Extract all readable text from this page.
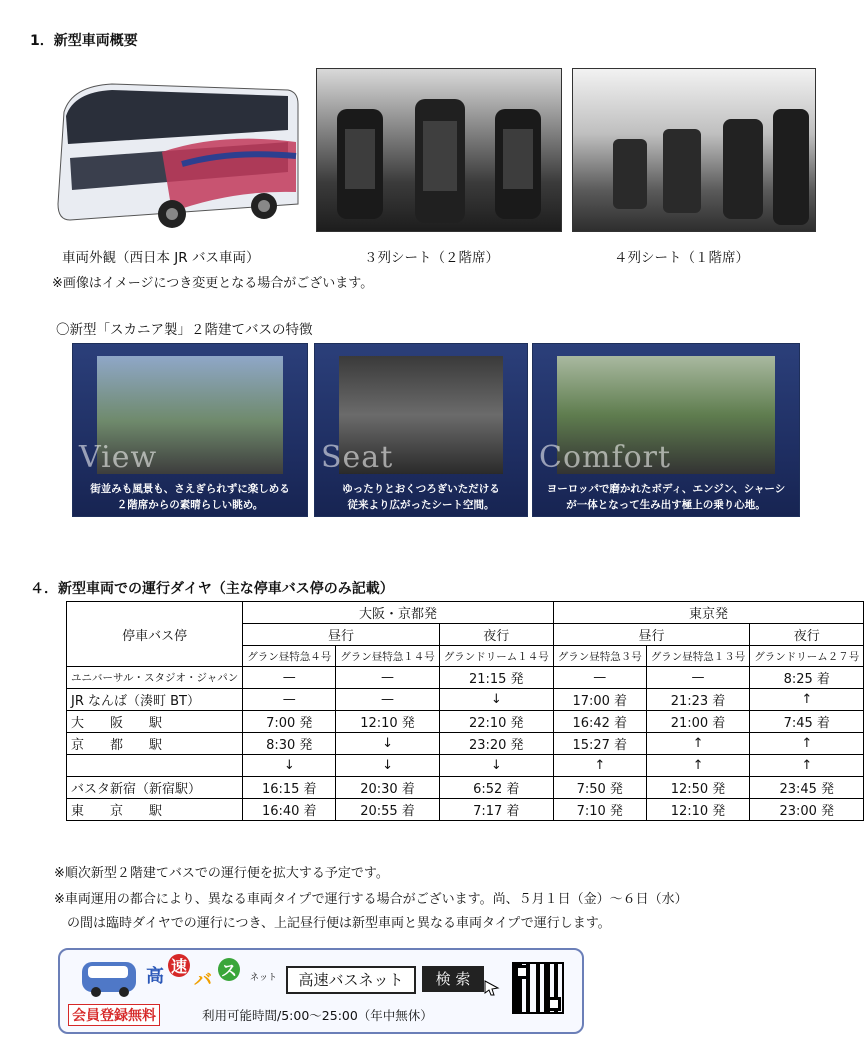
1．新型車両概要
車両外観（西日本 JR バス車両）	３列シート（２階席）	４列シート（１階席）
※画像はイメージにつき変更となる場合がございます。
〇新型「スカニア製」２階建てバスの特徴
View
街並みも風景も、さえぎられずに楽しめる
２階席からの素晴らしい眺め。
Seat
ゆったりとおくつろぎいただける
従来より広がったシート空間。
Comfort
ヨーロッパで磨かれたボディ、エンジン、シャーシ
が一体となって生み出す極上の乗り心地。
４．新型車両での運行ダイヤ（主な停車バス停のみ記載）
停車バス停	大阪・京都発			東京発		
	昼行		夜行	昼行		夜行
	グラン昼特急４号	グラン昼特急１４号	グランドリーム１４号	グラン昼特急３号	グラン昼特急１３号	グランドリーム２７号
ユニバーサル・スタジオ・ジャパン	—	—	21:15 発	—	—	8:25 着
JR なんば（湊町 BT）	—	—	↓	17:00 着	21:23 着	↑
大　　阪　　駅	7:00 発	12:10 発	22:10 発	16:42 着	21:00 着	7:45 着
京　　都　　駅	8:30 発	↓	23:20 発	15:27 着	↑	↑
	↓	↓	↓	↑	↑	↑
バスタ新宿（新宿駅）	16:15 着	20:30 着	6:52 着	7:50 発	12:50 発	23:45 発
東　　京　　駅	16:40 着	20:55 着	7:17 着	7:10 発	12:10 発	23:00 発
※順次新型２階建てバスでの運行便を拡大する予定です。
※車両運用の都合により、異なる車両タイプで運行する場合がございます。尚、５月１日（金）～６日（水）
　の間は臨時ダイヤでの運行につき、上記昼行便は新型車両と異なる車両タイプで運行します。
高 速
バ ス	ネット	高速バスネット	検 索
会員登録無料	利用可能時間/5:00～25:00（年中無休）
